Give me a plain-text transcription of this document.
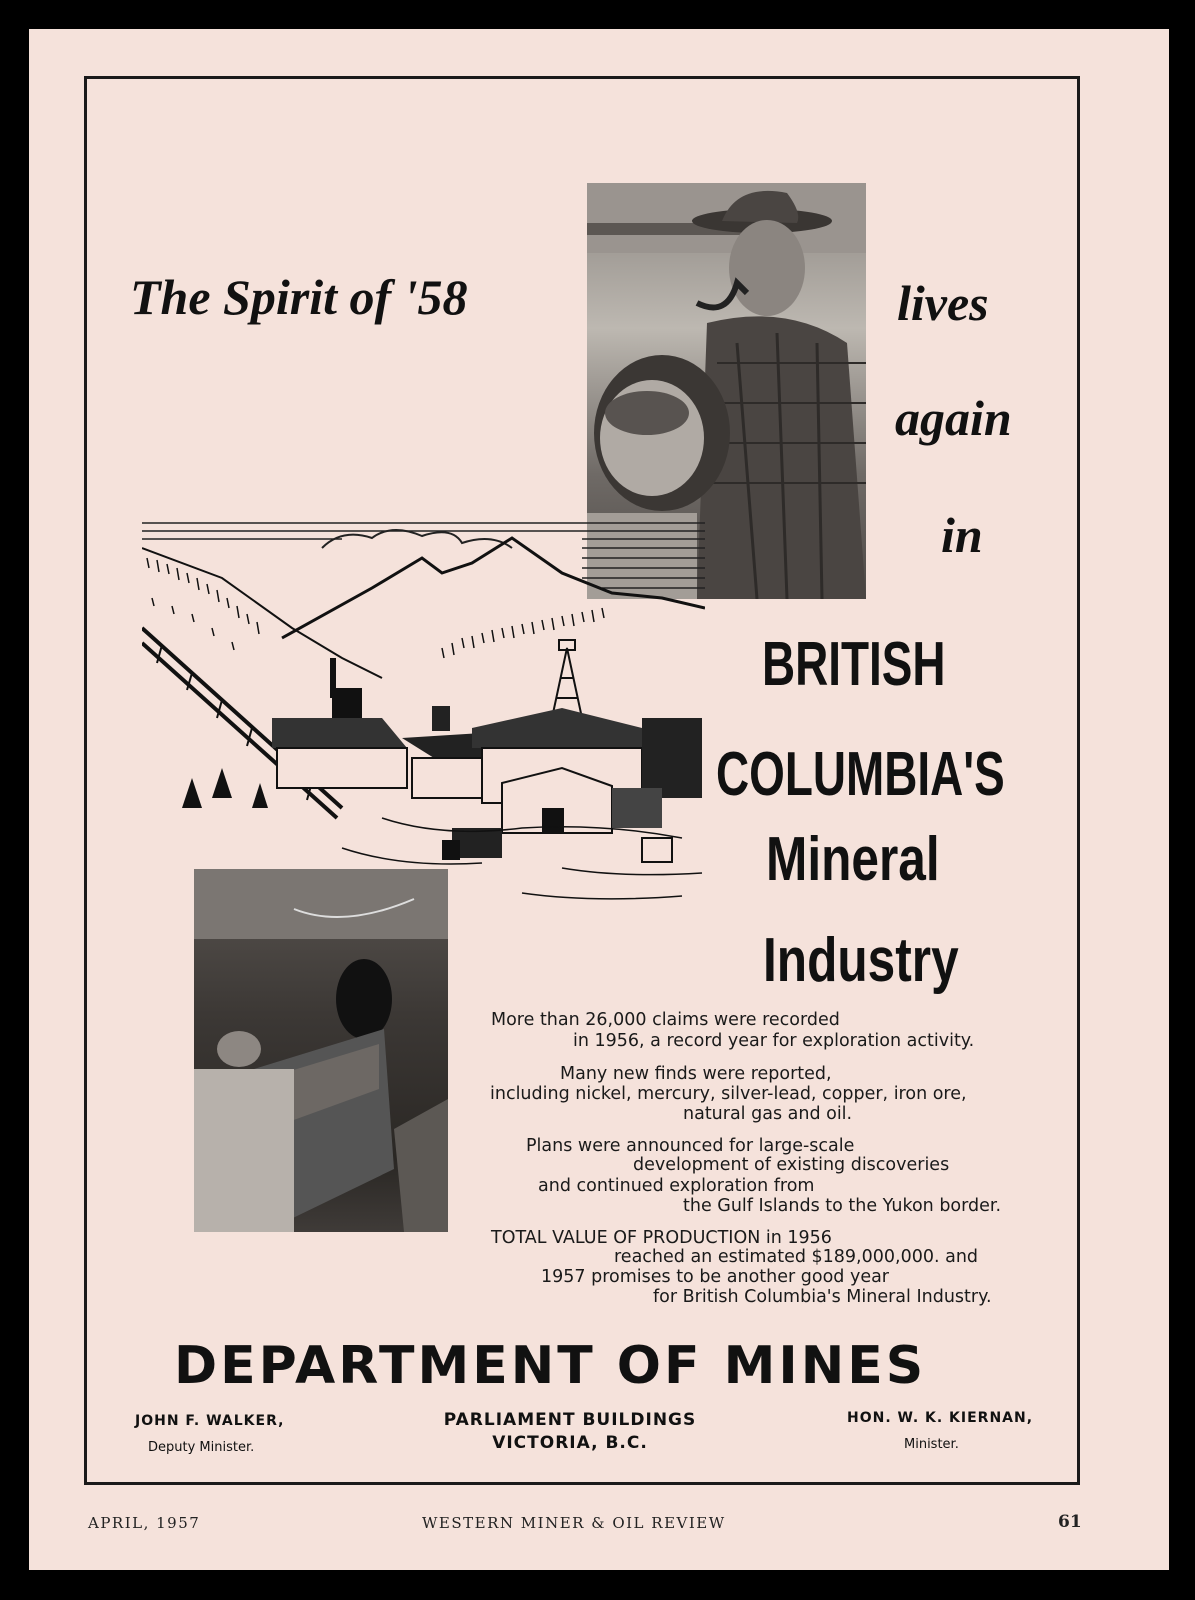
The Spirit of '58	lives
again
in
BRITISH
COLUMBIA'S
Mineral
Industry
More than 26,000 claims were recorded
in 1956, a record year for exploration activity.
Many new finds were reported,
including nickel, mercury, silver-lead, copper, iron ore,
natural gas and oil.
Plans were announced for large-scale
development of existing discoveries
and continued exploration from
the Gulf Islands to the Yukon border.
TOTAL VALUE OF PRODUCTION in 1956
reached an estimated $189,000,000. and
1957 promises to be another good year
for British Columbia's Mineral Industry.
DEPARTMENT OF MINES
JOHN F. WALKER,
Deputy Minister.
PARLIAMENT BUILDINGS
VICTORIA, B.C.
HON. W. K. KIERNAN,
Minister.
APRIL, 1957	WESTERN MINER & OIL REVIEW	61
